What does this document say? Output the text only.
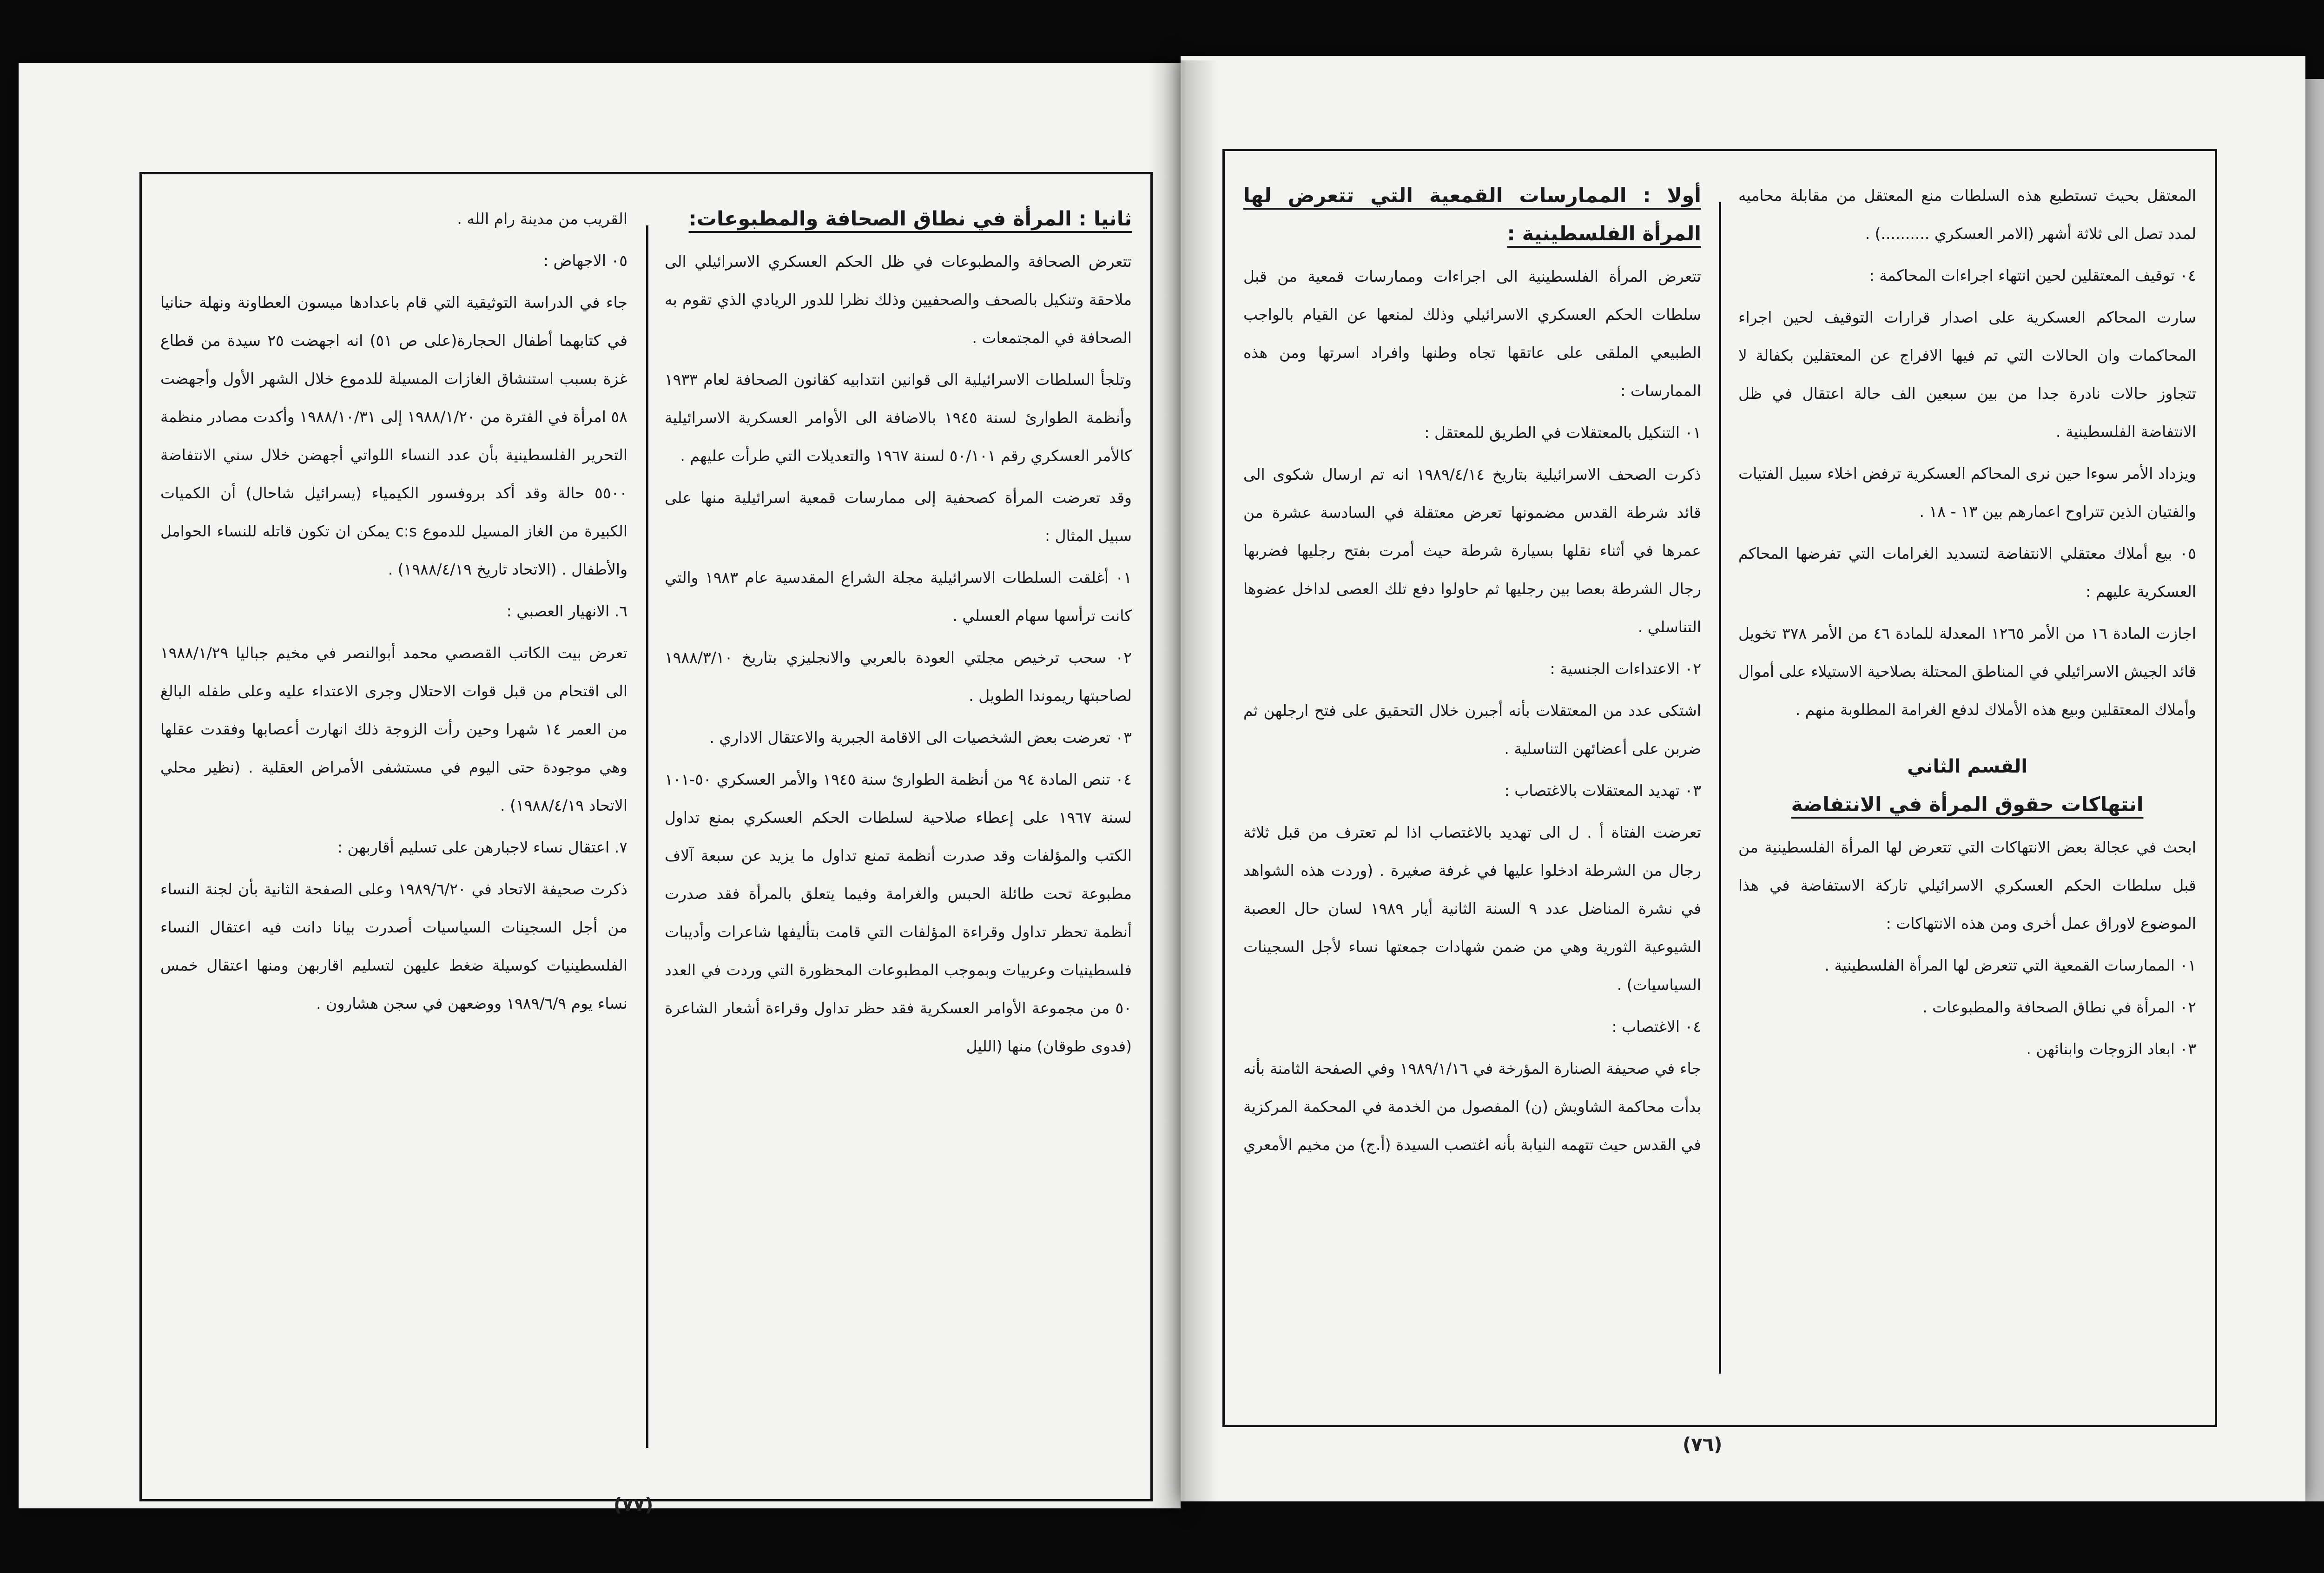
ثانيا : المرأة في نطاق الصحافة والمطبوعات:

تتعرض الصحافة والمطبوعات في ظل الحكم العسكري الاسرائيلي الى ملاحقة وتنكيل بالصحف والصحفيين وذلك نظرا للدور الريادي الذي تقوم به الصحافة في المجتمعات .

وتلجأ السلطات الاسرائيلية الى قوانين انتدابيه كقانون الصحافة لعام ١٩٣٣ وأنظمة الطوارئ لسنة ١٩٤٥ بالاضافة الى الأوامر العسكرية الاسرائيلية كالأمر العسكري رقم ٥٠/١٠١ لسنة ١٩٦٧ والتعديلات التي طرأت عليهم .

وقد تعرضت المرأة كصحفية إلى ممارسات قمعية اسرائيلية منها على سبيل المثال :

٠١ أغلقت السلطات الاسرائيلية مجلة الشراع المقدسية عام ١٩٨٣ والتي كانت ترأسها سهام العسلي .

٠٢ سحب ترخيص مجلتي العودة بالعربي والانجليزي بتاريخ ١٩٨٨/٣/١٠ لصاحبتها ريموندا الطويل .

٠٣ تعرضت بعض الشخصيات الى الاقامة الجبرية والاعتقال الاداري .

٠٤ تنص المادة ٩٤ من أنظمة الطوارئ سنة ١٩٤٥ والأمر العسكري ٥٠-١٠١ لسنة ١٩٦٧ على إعطاء صلاحية لسلطات الحكم العسكري بمنع تداول الكتب والمؤلفات وقد صدرت أنظمة تمنع تداول ما يزيد عن سبعة آلاف مطبوعة تحت طائلة الحبس والغرامة وفيما يتعلق بالمرأة فقد صدرت أنظمة تحظر تداول وقراءة المؤلفات التي قامت بتأليفها شاعرات وأديبات فلسطينيات وعربيات وبموجب المطبوعات المحظورة التي وردت في العدد ٥٠ من مجموعة الأوامر العسكرية فقد حظر تداول وقراءة أشعار الشاعرة (فدوى طوقان) منها (الليل

القريب من مدينة رام الله .

٠٥ الاجهاض :

جاء في الدراسة التوثيقية التي قام باعدادها ميسون العطاونة ونهلة حنانيا في كتابهما أطفال الحجارة(على ص ٥١) انه اجهضت ٢٥ سيدة من قطاع غزة بسبب استنشاق الغازات المسيلة للدموع خلال الشهر الأول وأجهضت ٥٨ امرأة في الفترة من ١٩٨٨/١/٢٠ إلى ١٩٨٨/١٠/٣١ وأكدت مصادر منظمة التحرير الفلسطينية بأن عدد النساء اللواتي أجهضن خلال سني الانتفاضة ٥٥٠٠ حالة وقد أكد بروفسور الكيمياء (يسرائيل شاحال) أن الكميات الكبيرة من الغاز المسيل للدموع c:s يمكن ان تكون قاتله للنساء الحوامل والأطفال . (الاتحاد تاريخ ١٩٨٨/٤/١٩) .

٦. الانهيار العصبي :

تعرض بيت الكاتب القصصي محمد أبوالنصر في مخيم جباليا ١٩٨٨/١/٢٩ الى اقتحام من قبل قوات الاحتلال وجرى الاعتداء عليه وعلى طفله البالغ من العمر ١٤ شهرا وحين رأت الزوجة ذلك انهارت أعصابها وفقدت عقلها وهي موجودة حتى اليوم في مستشفى الأمراض العقلية . (نظير محلي الاتحاد ١٩٨٨/٤/١٩) .

٧. اعتقال نساء لاجبارهن على تسليم أقاربهن :

ذكرت صحيفة الاتحاد في ١٩٨٩/٦/٢٠ وعلى الصفحة الثانية بأن لجنة النساء من أجل السجينات السياسيات أصدرت بيانا دانت فيه اعتقال النساء الفلسطينيات كوسيلة ضغط عليهن لتسليم اقاربهن ومنها اعتقال خمس نساء يوم ١٩٨٩/٦/٩ ووضعهن في سجن هشارون .

(٧٧)

المعتقل بحيث تستطيع هذه السلطات منع المعتقل من مقابلة محاميه لمدد تصل الى ثلاثة أشهر (الامر العسكري ..........) .

٠٤ توقيف المعتقلين لحين انتهاء اجراءات المحاكمة :

سارت المحاكم العسكرية على اصدار قرارات التوقيف لحين اجراء المحاكمات وان الحالات التي تم فيها الافراج عن المعتقلين بكفالة لا تتجاوز حالات نادرة جدا من بين سبعين الف حالة اعتقال في ظل الانتفاضة الفلسطينية .

ويزداد الأمر سوءا حين نرى المحاكم العسكرية ترفض اخلاء سبيل الفتيات والفتيان الذين تتراوح اعمارهم بين ١٣ - ١٨ .

٠٥ بيع أملاك معتقلي الانتفاضة لتسديد الغرامات التي تفرضها المحاكم العسكرية عليهم :

اجازت المادة ١٦ من الأمر ١٢٦٥ المعدلة للمادة ٤٦ من الأمر ٣٧٨ تخويل قائد الجيش الاسرائيلي في المناطق المحتلة بصلاحية الاستيلاء على أموال وأملاك المعتقلين وبيع هذه الأملاك لدفع الغرامة المطلوبة منهم .

القسم الثاني

انتهاكات حقوق المرأة في الانتفاضة

ابحث في عجالة بعض الانتهاكات التي تتعرض لها المرأة الفلسطينية من قبل سلطات الحكم العسكري الاسرائيلي تاركة الاستفاضة في هذا الموضوع لاوراق عمل أخرى ومن هذه الانتهاكات :

٠١ الممارسات القمعية التي تتعرض لها المرأة الفلسطينية .

٠٢ المرأة في نطاق الصحافة والمطبوعات .

٠٣ ابعاد الزوجات وابنائهن .

أولا : الممارسات القمعية التي تتعرض لها المرأة الفلسطينية :

تتعرض المرأة الفلسطينية الى اجراءات وممارسات قمعية من قبل سلطات الحكم العسكري الاسرائيلي وذلك لمنعها عن القيام بالواجب الطبيعي الملقى على عاتقها تجاه وطنها وافراد اسرتها ومن هذه الممارسات :

٠١ التنكيل بالمعتقلات في الطريق للمعتقل :

ذكرت الصحف الاسرائيلية بتاريخ ١٩٨٩/٤/١٤ انه تم ارسال شكوى الى قائد شرطة القدس مضمونها تعرض معتقلة في السادسة عشرة من عمرها في أثناء نقلها بسيارة شرطة حيث أمرت بفتح رجليها فضربها رجال الشرطة بعصا بين رجليها ثم حاولوا دفع تلك العصى لداخل عضوها التناسلي .

٠٢ الاعتداءات الجنسية :

اشتكى عدد من المعتقلات بأنه أجبرن خلال التحقيق على فتح ارجلهن ثم ضربن على أعضائهن التناسلية .

٠٣ تهديد المعتقلات بالاغتصاب :

تعرضت الفتاة أ . ل الى تهديد بالاغتصاب اذا لم تعترف من قبل ثلاثة رجال من الشرطة ادخلوا عليها في غرفة صغيرة . (وردت هذه الشواهد في نشرة المناضل عدد ٩ السنة الثانية أيار ١٩٨٩ لسان حال العصبة الشيوعية الثورية وهي من ضمن شهادات جمعتها نساء لأجل السجينات السياسيات) .

٠٤ الاغتصاب :

جاء في صحيفة الصنارة المؤرخة في ١٩٨٩/١/١٦ وفي الصفحة الثامنة بأنه بدأت محاكمة الشاويش (ن) المفصول من الخدمة في المحكمة المركزية في القدس حيث تتهمه النيابة بأنه اغتصب السيدة (أ.ج) من مخيم الأمعري

(٧٦)
